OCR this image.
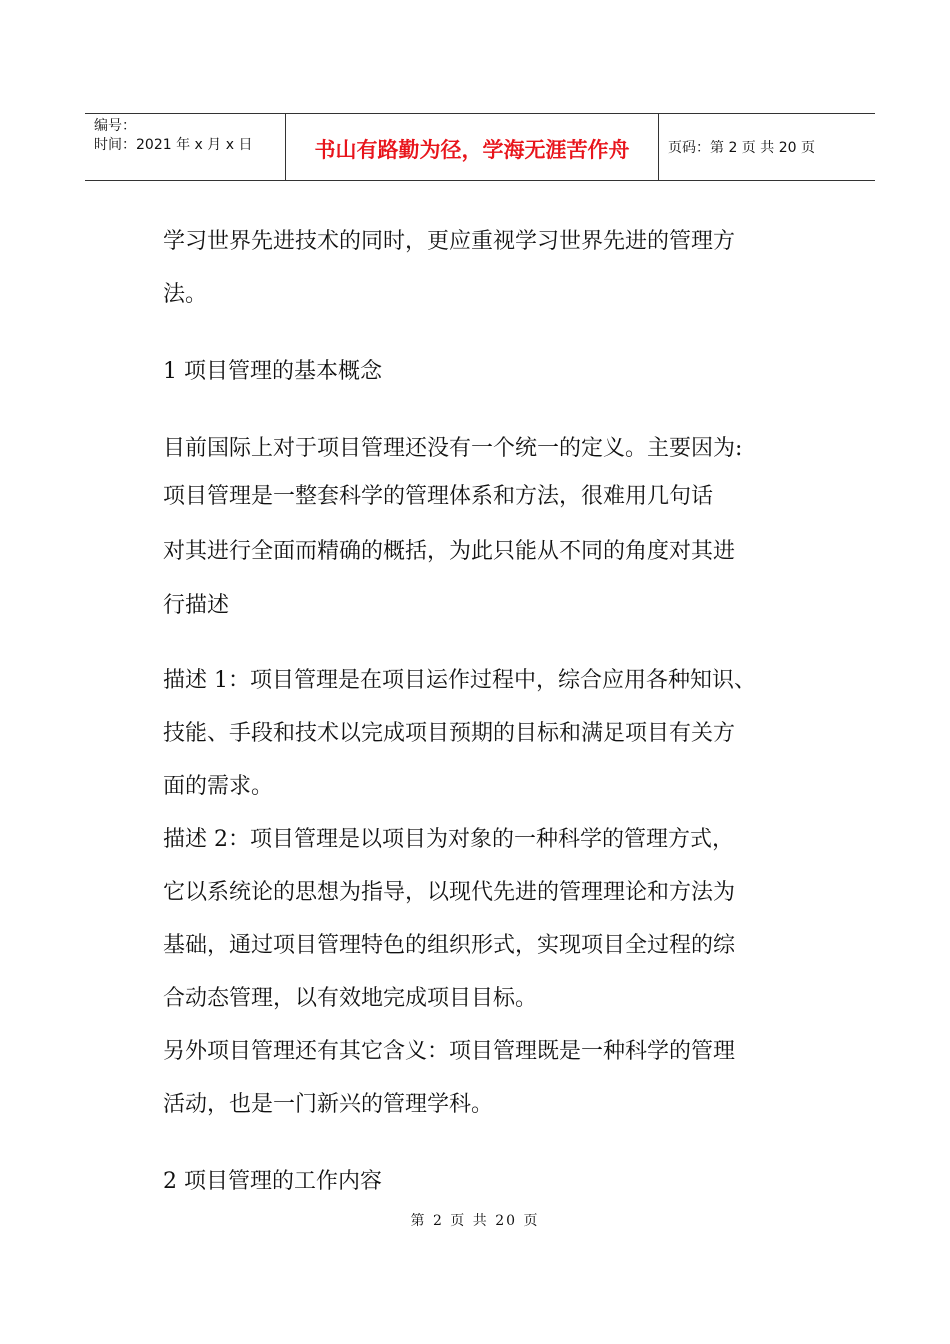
编号：
时间：2021 年 x 月 x 日	书山有路勤为径，学海无涯苦作舟	页码：第 2 页 共 20 页
学习世界先进技术的同时，更应重视学习世界先进的管理方
法。
1 项目管理的基本概念
目前国际上对于项目管理还没有一个统一的定义。主要因为:
项目管理是一整套科学的管理体系和方法，很难用几句话
对其进行全面而精确的概括，为此只能从不同的角度对其进
行描述
描述 1：项目管理是在项目运作过程中，综合应用各种知识、
技能、手段和技术以完成项目预期的目标和满足项目有关方
面的需求。
描述 2：项目管理是以项目为对象的一种科学的管理方式，
它以系统论的思想为指导，以现代先进的管理理论和方法为
基础，通过项目管理特色的组织形式，实现项目全过程的综
合动态管理，以有效地完成项目目标。
另外项目管理还有其它含义：项目管理既是一种科学的管理
活动，也是一门新兴的管理学科。
2 项目管理的工作内容
第 2 页 共 20 页
